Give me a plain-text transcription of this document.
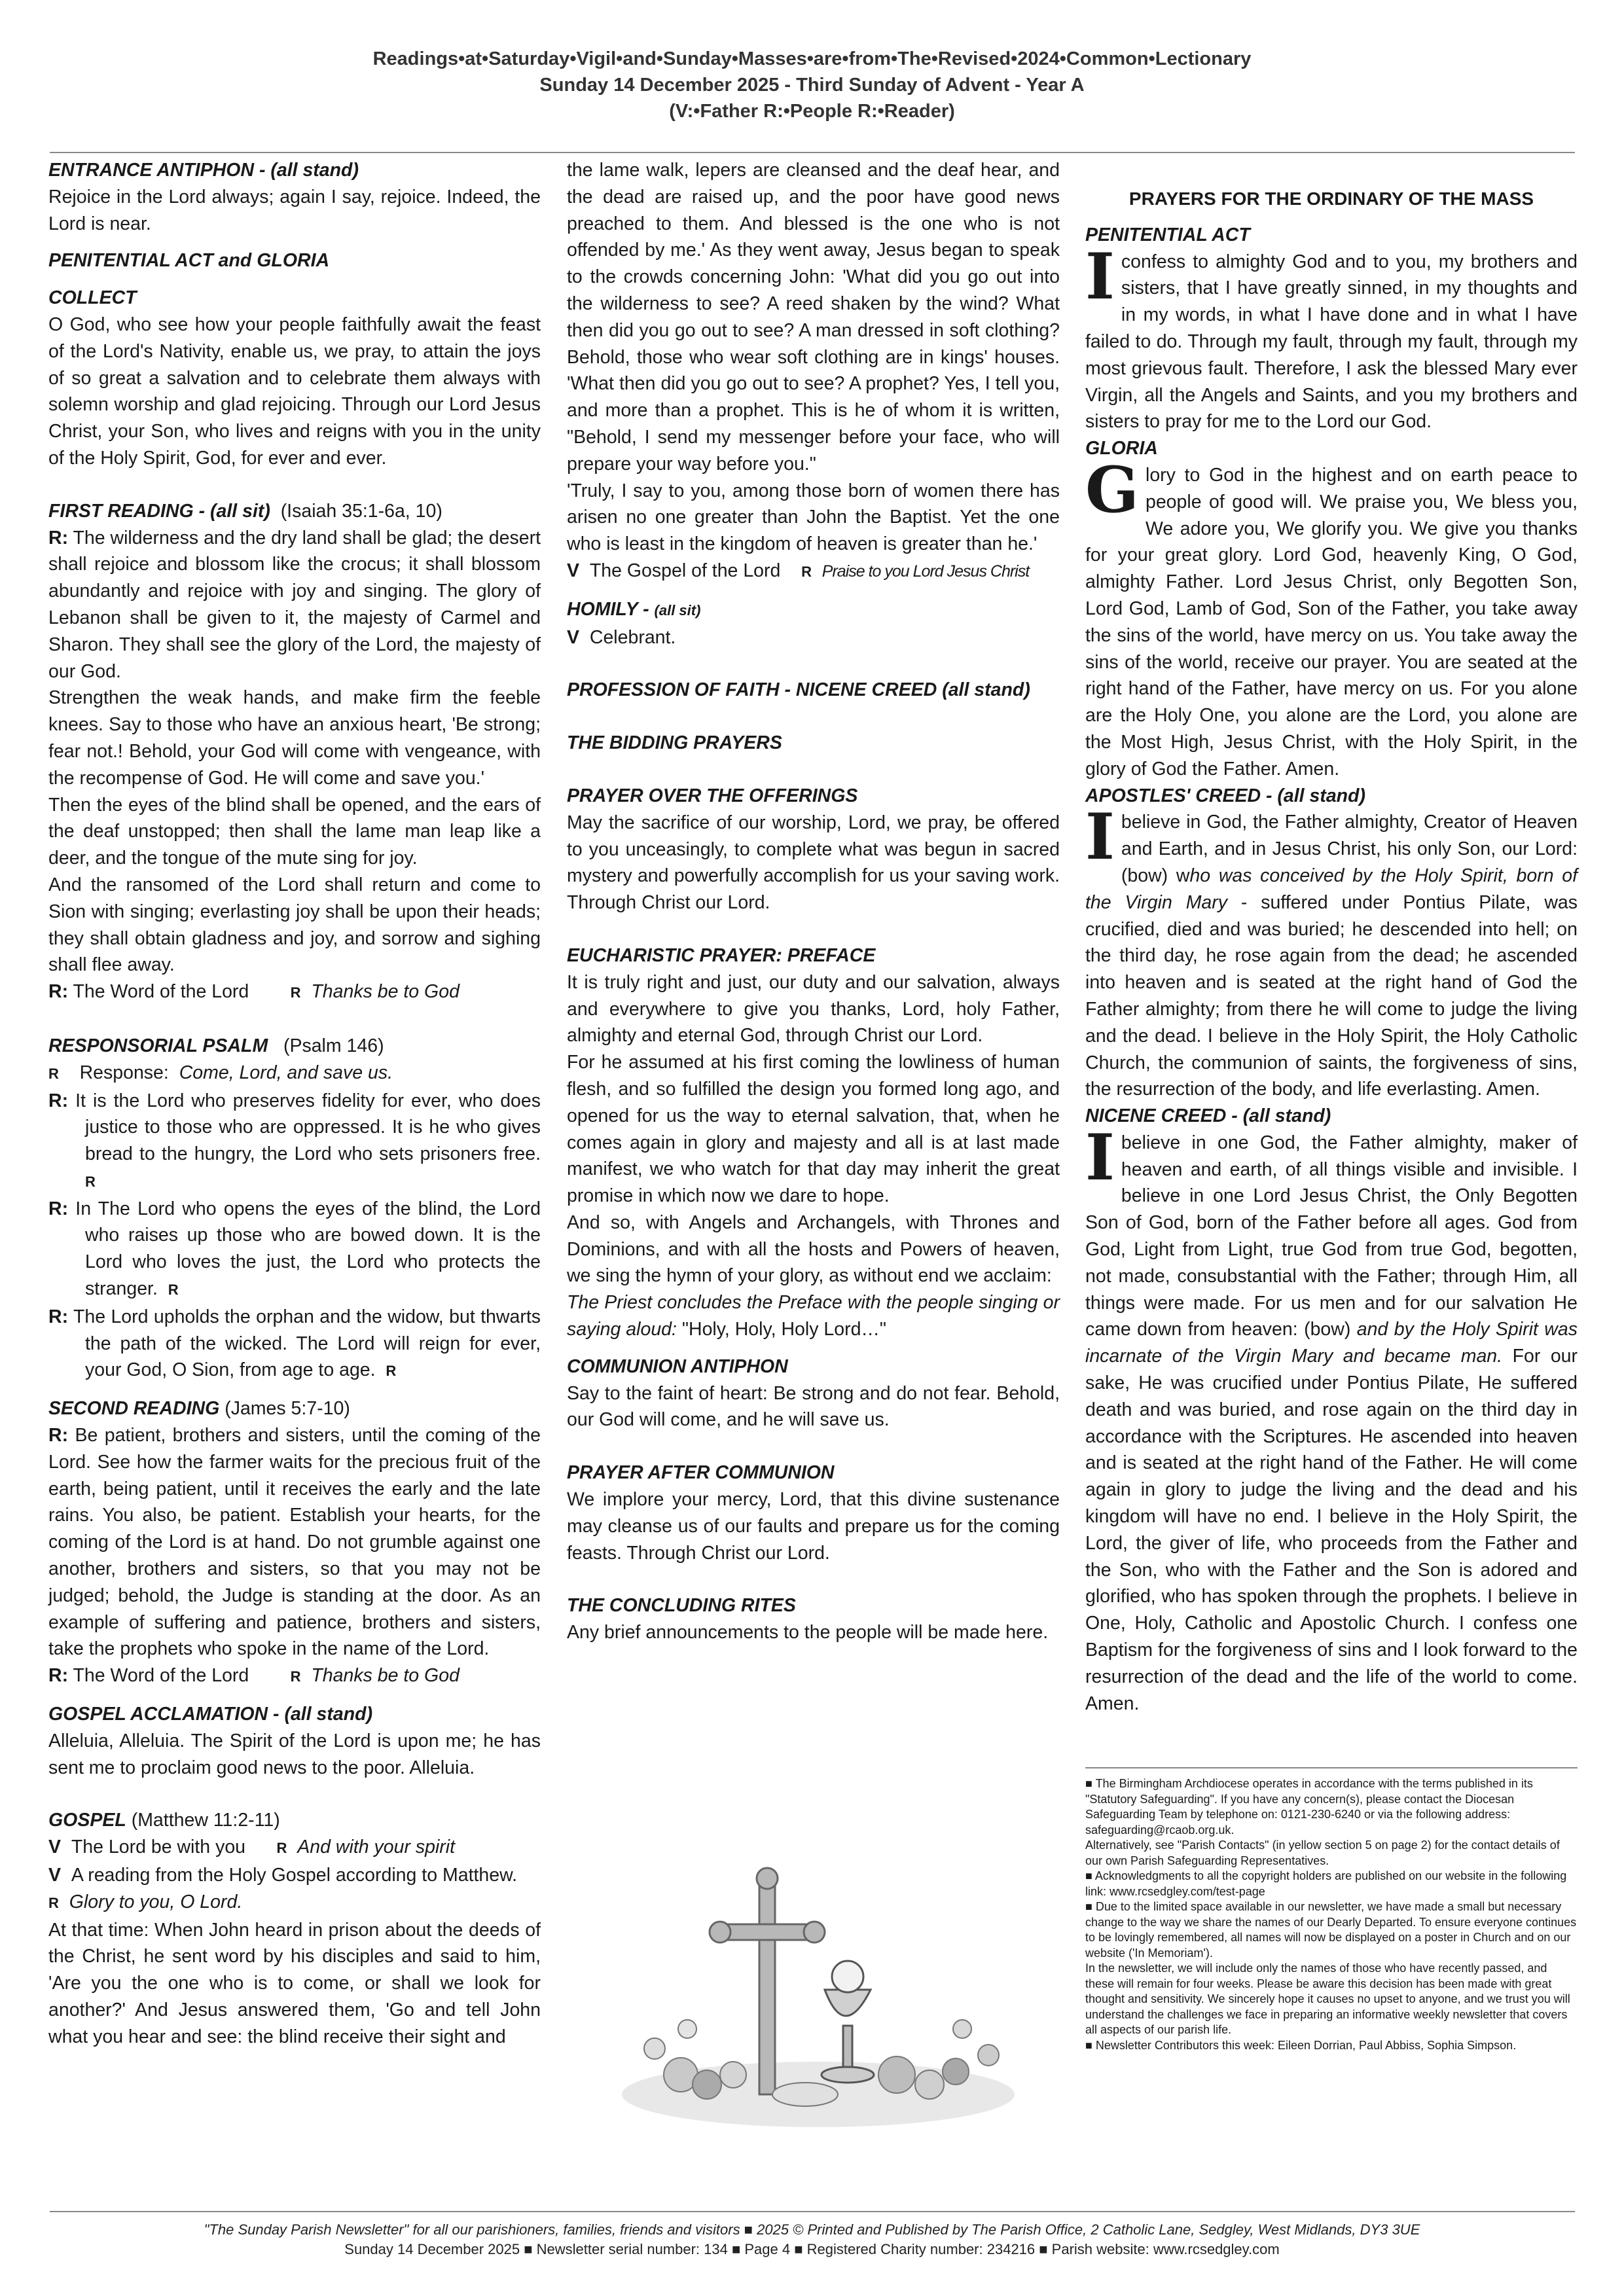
Readings•at•Saturday•Vigil•and•Sunday•Masses•are•from•The•Revised•2024•Common•Lectionary
Sunday 14 December 2025 - Third Sunday of Advent - Year A
(V:•Father R:•People R:•Reader)

ENTRANCE ANTIPHON - (all stand)

Rejoice in the Lord always; again I say, rejoice. Indeed, the Lord is near.

PENITENTIAL ACT and GLORIA

COLLECT

O God, who see how your people faithfully await the feast of the Lord's Nativity, enable us, we pray, to attain the joys of so great a salvation and to celebrate them always with solemn worship and glad rejoicing. Through our Lord Jesus Christ, your Son, who lives and reigns with you in the unity of the Holy Spirit, God, for ever and ever.

FIRST READING - (all sit) (Isaiah 35:1-6a, 10)

R: The wilderness and the dry land shall be glad; the desert shall rejoice and blossom like the crocus; it shall blossom abundantly and rejoice with joy and singing. The glory of Lebanon shall be given to it, the majesty of Carmel and Sharon. They shall see the glory of the Lord, the majesty of our God.

Strengthen the weak hands, and make firm the feeble knees. Say to those who have an anxious heart, 'Be strong; fear not.! Behold, your God will come with vengeance, with the recompense of God. He will come and save you.'

Then the eyes of the blind shall be opened, and the ears of the deaf unstopped; then shall the lame man leap like a deer, and the tongue of the mute sing for joy.

And the ransomed of the Lord shall return and come to Sion with singing; everlasting joy shall be upon their heads; they shall obtain gladness and joy, and sorrow and sighing shall flee away.

R: The Word of the Lord	R Thanks be to God

RESPONSORIAL PSALM (Psalm 146)

R Response: Come, Lord, and save us.

R: It is the Lord who preserves fidelity for ever, who does justice to those who are oppressed. It is he who gives bread to the hungry, the Lord who sets prisoners free. R

R: In The Lord who opens the eyes of the blind, the Lord who raises up those who are bowed down. It is the Lord who loves the just, the Lord who protects the stranger. R

R: The Lord upholds the orphan and the widow, but thwarts the path of the wicked. The Lord will reign for ever, your God, O Sion, from age to age. R

SECOND READING (James 5:7-10)

R: Be patient, brothers and sisters, until the coming of the Lord. See how the farmer waits for the precious fruit of the earth, being patient, until it receives the early and the late rains. You also, be patient. Establish your hearts, for the coming of the Lord is at hand. Do not grumble against one another, brothers and sisters, so that you may not be judged; behold, the Judge is standing at the door. As an example of suffering and patience, brothers and sisters, take the prophets who spoke in the name of the Lord.

R: The Word of the Lord	R Thanks be to God

GOSPEL ACCLAMATION - (all stand)

Alleluia, Alleluia. The Spirit of the Lord is upon me; he has sent me to proclaim good news to the poor. Alleluia.

GOSPEL (Matthew 11:2-11)

V The Lord be with you R And with your spirit

V A reading from the Holy Gospel according to Matthew.

R Glory to you, O Lord.

At that time: When John heard in prison about the deeds of the Christ, he sent word by his disciples and said to him, 'Are you the one who is to come, or shall we look for another?' And Jesus answered them, 'Go and tell John what you hear and see: the blind receive their sight and

the lame walk, lepers are cleansed and the deaf hear, and the dead are raised up, and the poor have good news preached to them. And blessed is the one who is not offended by me.' As they went away, Jesus began to speak to the crowds concerning John: 'What did you go out into the wilderness to see? A reed shaken by the wind? What then did you go out to see? A man dressed in soft clothing? Behold, those who wear soft clothing are in kings' houses. 'What then did you go out to see? A prophet? Yes, I tell you, and more than a prophet. This is he of whom it is written, "Behold, I send my messenger before your face, who will prepare your way before you."

'Truly, I say to you, among those born of women there has arisen no one greater than John the Baptist. Yet the one who is least in the kingdom of heaven is greater than he.'

V The Gospel of the Lord R Praise to you Lord Jesus Christ

HOMILY - (all sit)

V Celebrant.

PROFESSION OF FAITH - NICENE CREED (all stand)

THE BIDDING PRAYERS

PRAYER OVER THE OFFERINGS

May the sacrifice of our worship, Lord, we pray, be offered to you unceasingly, to complete what was begun in sacred mystery and powerfully accomplish for us your saving work. Through Christ our Lord.

EUCHARISTIC PRAYER: PREFACE

It is truly right and just, our duty and our salvation, always and everywhere to give you thanks, Lord, holy Father, almighty and eternal God, through Christ our Lord.

For he assumed at his first coming the lowliness of human flesh, and so fulfilled the design you formed long ago, and opened for us the way to eternal salvation, that, when he comes again in glory and majesty and all is at last made manifest, we who watch for that day may inherit the great promise in which now we dare to hope.

And so, with Angels and Archangels, with Thrones and Dominions, and with all the hosts and Powers of heaven, we sing the hymn of your glory, as without end we acclaim:

The Priest concludes the Preface with the people singing or saying aloud: "Holy, Holy, Holy Lord…"

COMMUNION ANTIPHON

Say to the faint of heart: Be strong and do not fear. Behold, our God will come, and he will save us.

PRAYER AFTER COMMUNION

We implore your mercy, Lord, that this divine sustenance may cleanse us of our faults and prepare us for the coming feasts. Through Christ our Lord.

THE CONCLUDING RITES

Any brief announcements to the people will be made here.

PRAYERS FOR THE ORDINARY OF THE MASS

PENITENTIAL ACT

Iconfess to almighty God and to you, my brothers and sisters, that I have greatly sinned, in my thoughts and in my words, in what I have done and in what I have failed to do. Through my fault, through my fault, through my most grievous fault. Therefore, I ask the blessed Mary ever Virgin, all the Angels and Saints, and you my brothers and sisters to pray for me to the Lord our God.

GLORIA

Glory to God in the highest and on earth peace to people of good will. We praise you, We bless you, We adore you, We glorify you. We give you thanks for your great glory. Lord God, heavenly King, O God, almighty Father. Lord Jesus Christ, only Begotten Son, Lord God, Lamb of God, Son of the Father, you take away the sins of the world, have mercy on us. You take away the sins of the world, receive our prayer. You are seated at the right hand of the Father, have mercy on us. For you alone are the Holy One, you alone are the Lord, you alone are the Most High, Jesus Christ, with the Holy Spirit, in the glory of God the Father. Amen.

APOSTLES' CREED - (all stand)

Ibelieve in God, the Father almighty, Creator of Heaven and Earth, and in Jesus Christ, his only Son, our Lord: (bow) who was conceived by the Holy Spirit, born of the Virgin Mary - suffered under Pontius Pilate, was crucified, died and was buried; he descended into hell; on the third day, he rose again from the dead; he ascended into heaven and is seated at the right hand of God the Father almighty; from there he will come to judge the living and the dead. I believe in the Holy Spirit, the Holy Catholic Church, the communion of saints, the forgiveness of sins, the resurrection of the body, and life everlasting. Amen.

NICENE CREED - (all stand)

Ibelieve in one God, the Father almighty, maker of heaven and earth, of all things visible and invisible. I believe in one Lord Jesus Christ, the Only Begotten Son of God, born of the Father before all ages. God from God, Light from Light, true God from true God, begotten, not made, consubstantial with the Father; through Him, all things were made. For us men and for our salvation He came down from heaven: (bow) and by the Holy Spirit was incarnate of the Virgin Mary and became man. For our sake, He was crucified under Pontius Pilate, He suffered death and was buried, and rose again on the third day in accordance with the Scriptures. He ascended into heaven and is seated at the right hand of the Father. He will come again in glory to judge the living and the dead and his kingdom will have no end. I believe in the Holy Spirit, the Lord, the giver of life, who proceeds from the Father and the Son, who with the Father and the Son is adored and glorified, who has spoken through the prophets. I believe in One, Holy, Catholic and Apostolic Church. I confess one Baptism for the forgiveness of sins and I look forward to the resurrection of the dead and the life of the world to come. Amen.

■ The Birmingham Archdiocese operates in accordance with the terms published in its "Statutory Safeguarding". If you have any concern(s), please contact the Diocesan Safeguarding Team by telephone on: 0121-230-6240 or via the following address: safeguarding@rcaob.org.uk.

Alternatively, see "Parish Contacts" (in yellow section 5 on page 2) for the contact details of our own Parish Safeguarding Representatives.

■ Acknowledgments to all the copyright holders are published on our website in the following link: www.rcsedgley.com/test-page

■ Due to the limited space available in our newsletter, we have made a small but necessary change to the way we share the names of our Dearly Departed. To ensure everyone continues to be lovingly remembered, all names will now be displayed on a poster in Church and on our website ('In Memoriam').

In the newsletter, we will include only the names of those who have recently passed, and these will remain for four weeks. Please be aware this decision has been made with great thought and sensitivity. We sincerely hope it causes no upset to anyone, and we trust you will understand the challenges we face in preparing an informative weekly newsletter that covers all aspects of our parish life.

■ Newsletter Contributors this week: Eileen Dorrian, Paul Abbiss, Sophia Simpson.

"The Sunday Parish Newsletter" for all our parishioners, families, friends and visitors ■ 2025 © Printed and Published by The Parish Office, 2 Catholic Lane, Sedgley, West Midlands, DY3 3UE
Sunday 14 December 2025 ■ Newsletter serial number: 134 ■ Page 4 ■ Registered Charity number: 234216 ■ Parish website: www.rcsedgley.com
